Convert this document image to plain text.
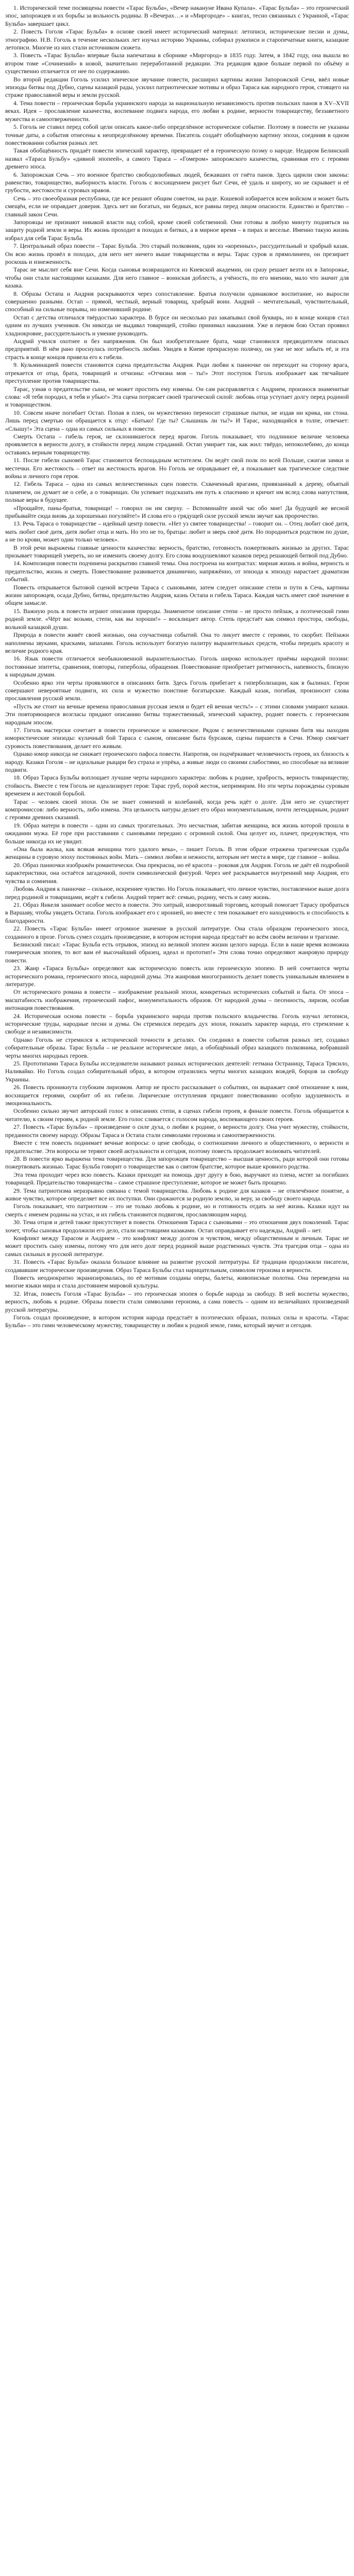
1. Исторической теме посвящены повести «Тарас Бульба», «Вечер накануне Ивана Купала». «Тарас Бульба» – это героический эпос, запорожцев и их борьбы за вольность родины. В «Вечерах…» и «Миргороде» – книгах, тесно связанных с Украиной, «Тарас Бульба» завершает цикл.

2. Повесть Гоголя «Тарас Бульба» в основе своей имеет исторический материал: летописи, исторические песни и думы, этнографию. Н.В. Гоголь в течение нескольких лет изучал историю Украины, собирал рукописи и старопечатные книги, казацкие летописи. Многие из них стали источником сюжета.

3. Повесть «Тарас Бульба» впервые была напечатана в сборнике «Миргород» в 1835 году. Затем, в 1842 году, она вышла во втором томе «Сочинений» в новой, значительно переработанной редакции. Эта редакция вдвое больше первой по объёму и существенно отличается от нее по содержанию.

Во второй редакции Гоголь усилил эпическое звучание повести, расширил картины жизни Запорожской Сечи, ввёл новые эпизоды битвы под Дубно, сцены казацкой рады, усилил патриотические мотивы и образ Тараса как народного героя, стоящего на страже православной веры и земли русской.

4. Тема повести – героическая борьба украинского народа за национальную независимость против польских панов в XV–XVII веках. Идея – прославление казачества, воспевание подвига народа, его любви к родине, верности товариществу, беззаветного мужества и самоотверженности.

5. Гоголь не ставил перед собой цели описать какое-либо определённое историческое событие. Поэтому в повести не указаны точные даты, а события отнесены к неопределённому времени. Писатель создаёт обобщённую картину эпохи, соединяя в одном повествовании события разных лет.

Такая обобщённость придаёт повести эпический характер, превращает её в героическую поэму о народе. Недаром Белинский назвал «Тараса Бульбу» «дивной эпопеей», а самого Тараса – «Гомером» запорожского казачества, сравнивая его с героями древнего эпоса.

6. Запорожская Сечь – это военное братство свободолюбивых людей, бежавших от гнёта панов. Здесь царили свои законы: равенство, товарищество, выборность власти. Гоголь с восхищением рисует быт Сечи, её удаль и широту, но не скрывает и её грубости, жестокости и суровых нравов.

Сечь – это своеобразная республика, где все решают общим советом, на раде. Кошевой избирается всем войском и может быть смещён, если не оправдает доверия. Здесь нет ни богатых, ни бедных, все равны перед лицом опасности. Единство и братство – главный закон Сечи.

Запорожцы не признают никакой власти над собой, кроме своей собственной. Они готовы в любую минуту подняться на защиту родной земли и веры. Их жизнь проходит в походах и битвах, а в мирное время – в пирах и веселье. Именно такую жизнь избрал для себя Тарас Бульба.

7. Центральный образ повести – Тарас Бульба. Это старый полковник, один из «коренных», рассудительный и храбрый казак. Он всю жизнь провёл в походах, для него нет ничего выше товарищества и веры. Тарас суров и прямолинеен, он презирает роскошь и изнеженность.

Тарас не мыслит себя вне Сечи. Когда сыновья возвращаются из Киевской академии, он сразу решает везти их в Запорожье, чтобы они стали настоящими казаками. Для него главное – воинская доблесть, а учёность, по его мнению, мало что значит для казака.

8. Образы Остапа и Андрия раскрываются через сопоставление. Братья получили одинаковое воспитание, но выросли совершенно разными. Остап – прямой, честный, верный товарищ, храбрый воин. Андрий – мечтательный, чувствительный, способный на сильные порывы, но изменивший родине.

Остап с детства отличался твёрдостью характера. В бурсе он несколько раз закапывал свой букварь, но в конце концов стал одним из лучших учеников. Он никогда не выдавал товарищей, стойко принимал наказания. Уже в первом бою Остап проявил хладнокровие, рассудительность и умение руководить.

Андрий учился охотнее и без напряжения. Он был изобретательнее брата, чаще становился предводителем опасных предприятий. В нём рано проснулась потребность любви. Увидев в Киеве прекрасную полячку, он уже не мог забыть её, и эта страсть в конце концов привела его к гибели.

9. Кульминацией повести становится сцена предательства Андрия. Ради любви к панночке он переходит на сторону врага, отрекается от отца, брата, товарищей и отчизны: «Отчизна моя – ты!» Этот поступок Гоголь изображает как тягчайшее преступление против товарищества.

Тарас, узнав о предательстве сына, не может простить ему измены. Он сам расправляется с Андрием, произнося знаменитые слова: «Я тебя породил, я тебя и убью!» Эта сцена потрясает своей трагической силой: любовь отца уступает долгу перед родиной и товариществом.

10. Совсем иначе погибает Остап. Попав в плен, он мужественно переносит страшные пытки, не издав ни крика, ни стона. Лишь перед смертью он обращается к отцу: «Батько! Где ты? Слышишь ли ты?» И Тарас, находящийся в толпе, отвечает: «Слышу!» Эта сцена – одна из самых сильных в повести.

Смерть Остапа – гибель героя, не склонившегося перед врагом. Гоголь показывает, что подлинное величие человека проявляется в верности долгу, в стойкости перед лицом страданий. Остап умирает так, как жил: твёрдо, непоколебимо, до конца оставаясь верным товариществу.

11. После гибели сыновей Тарас становится беспощадным мстителем. Он ведёт свой полк по всей Польше, сжигая замки и местечки. Его жестокость – ответ на жестокость врагов. Но Гоголь не оправдывает её, а показывает как трагическое следствие войны и личного горя героя.

12. Гибель Тараса – одна из самых величественных сцен повести. Схваченный врагами, привязанный к дереву, объятый пламенем, он думает не о себе, а о товарищах. Он успевает подсказать им путь к спасению и кричит им вслед слова напутствия, полные веры в будущее.

«Прощайте, паны-братья, товарищи! – говорил он им сверху. – Вспоминайте иной час обо мне! Да будущей же весной прибывайте сюда вновь да хорошенько погуляйте!» И слова его о грядущей силе русской земли звучат как пророчество.

13. Речь Тараса о товариществе – идейный центр повести. «Нет уз святее товарищества! – говорит он. – Отец любит своё дитя, мать любит своё дитя, дитя любит отца и мать. Но это не то, братцы: любит и зверь своё дитя. Но породниться родством по душе, а не по крови, может один только человек».

В этой речи выражены главные ценности казачества: верность, братство, готовность пожертвовать жизнью за других. Тарас призывает товарищей умереть, но не изменить своему долгу. Его слова воодушевляют казаков перед решающей битвой под Дубно.

14. Композиция повести подчинена раскрытию главной темы. Она построена на контрастах: мирная жизнь и война, верность и предательство, жизнь и смерть. Повествование развивается динамично, напряжённо, от эпизода к эпизоду нарастает драматизм событий.

Повесть открывается бытовой сценой встречи Тараса с сыновьями, затем следует описание степи и пути в Сечь, картины жизни запорожцев, осада Дубно, битвы, предательство Андрия, казнь Остапа и гибель Тараса. Каждая часть имеет своё значение в общем замысле.

15. Важную роль в повести играют описания природы. Знаменитое описание степи – не просто пейзаж, а поэтический гимн родной земле. «Чёрт вас возьми, степи, как вы хороши!» – восклицает автор. Степь предстаёт как символ простора, свободы, вольной казацкой души.

Природа в повести живёт своей жизнью, она соучастница событий. Она то ликует вместе с героями, то скорбит. Пейзажи наполнены звуками, красками, запахами. Гоголь использует богатую палитру выразительных средств, чтобы передать красоту и величие родного края.

16. Язык повести отличается необыкновенной выразительностью. Гоголь широко использует приёмы народной поэзии: постоянные эпитеты, сравнения, повторы, гиперболы, обращения. Повествование приобретает ритмичность, напевность, близкую к народным думам.

Особенно ярко эти черты проявляются в описаниях битв. Здесь Гоголь прибегает к гиперболизации, как в былинах. Герои совершают невероятные подвиги, их сила и мужество поистине богатырские. Каждый казак, погибая, произносит слова прославления русской земли.

«Пусть же стоит на вечные времена православная русская земля и будет ей вечная честь!» – с этими словами умирают казаки. Эти повторяющиеся возгласы придают описанию битвы торжественный, эпический характер, роднят повесть с героическим народным эпосом.

17. Гоголь мастерски сочетает в повести героическое и комическое. Рядом с величественными сценами битв мы находим юмористические эпизоды: кулачный бой Тараса с сыном, описание быта бурсаков, сцены пиршеств в Сечи. Юмор смягчает суровость повествования, делает его живым.

Однако юмор никогда не снижает героического пафоса повести. Напротив, он подчёркивает человечность героев, их близость к народу. Казаки Гоголя – не идеальные рыцари без страха и упрёка, а живые люди со своими слабостями, но способные на великие подвиги.

18. Образ Тараса Бульбы воплощает лучшие черты народного характера: любовь к родине, храбрость, верность товариществу, стойкость. Вместе с тем Гоголь не идеализирует героя: Тарас груб, порой жесток, непримирим. Но эти черты порождены суровым временем и жестокой борьбой.

Тарас – человек своей эпохи. Он не знает сомнений и колебаний, когда речь идёт о долге. Для него не существует компромиссов: либо верность, либо измена. Эта цельность натуры делает его образ монументальным, почти легендарным, роднит с героями древних сказаний.

19. Образ матери в повести – один из самых трогательных. Это несчастная, забитая женщина, вся жизнь которой прошла в ожидании мужа. Её горе при расставании с сыновьями передано с огромной силой. Она целует их, плачет, предчувствуя, что больше никогда их не увидит.

«Она была жалка, как всякая женщина того удалого века», – пишет Гоголь. В этом образе отражена трагическая судьба женщины в суровую эпоху постоянных войн. Мать – символ любви и нежности, которым нет места в мире, где главное – война.

20. Образ панночки изображён романтически. Она прекрасна, но её красота – роковая для Андрия. Гоголь не даёт ей подробной характеристики, она остаётся загадочной, почти символической фигурой. Через неё раскрывается внутренний мир Андрия, его чувства и сомнения.

Любовь Андрия к панночке – сильное, искреннее чувство. Но Гоголь показывает, что личное чувство, поставленное выше долга перед родиной и товарищами, ведёт к гибели. Андрий теряет всё: семью, родину, честь и саму жизнь.

21. Образ Янкеля занимает особое место в повести. Это хитрый, изворотливый торговец, который помогает Тарасу пробраться в Варшаву, чтобы увидеть Остапа. Гоголь изображает его с иронией, но вместе с тем показывает его находчивость и способность к благодарности.

22. Повесть «Тарас Бульба» имеет огромное значение в русской литературе. Она стала образцом героического эпоса, созданного в прозе. Гоголь сумел создать произведение, в котором история народа предстаёт во всём своём величии и трагизме.

Белинский писал: «Тарас Бульба есть отрывок, эпизод из великой эпопеи жизни целого народа. Если в наше время возможна гомерическая эпопея, то вот вам её высочайший образец, идеал и прототип!» Эти слова точно определяют жанровую природу повести.

23. Жанр «Тараса Бульбы» определяют как историческую повесть или героическую эпопею. В ней сочетаются черты исторического романа, героического эпоса, народной думы. Эта жанровая многогранность делает повесть уникальным явлением в литературе.

От исторического романа в повести – изображение реальной эпохи, конкретных исторических событий и быта. От эпоса – масштабность изображения, героический пафос, монументальность образов. От народной думы – песенность, лиризм, особая интонация повествования.

24. Историческая основа повести – борьба украинского народа против польского владычества. Гоголь изучал летописи, исторические труды, народные песни и думы. Он стремился передать дух эпохи, показать характер народа, его стремление к свободе и независимости.

Однако Гоголь не стремился к исторической точности в деталях. Он соединял в повести события разных лет, создавал собирательные образы. Тарас Бульба – не реальное историческое лицо, а обобщённый образ казацкого полковника, вобравший черты многих народных героев.

25. Прототипами Тараса Бульбы исследователи называют разных исторических деятелей: гетмана Остраницу, Тараса Трясило, Наливайко. Но Гоголь создал собирательный образ, в котором отразились черты многих казацких вождей, борцов за свободу Украины.

26. Повесть проникнута глубоким лиризмом. Автор не просто рассказывает о событиях, он выражает своё отношение к ним, восхищается героями, скорбит об их гибели. Лирические отступления придают повествованию особую задушевность и эмоциональность.

Особенно сильно звучит авторский голос в описаниях степи, в сценах гибели героев, в финале повести. Гоголь обращается к читателю, к своим героям, к родной земле. Его голос сливается с голосом народа, воспевающего своих героев.

27. Повесть «Тарас Бульба» – произведение о силе духа, о любви к родине, о верности долгу. Она учит мужеству, стойкости, преданности своему народу. Образы Тараса и Остапа стали символами героизма и самоотверженности.

Вместе с тем повесть поднимает вечные вопросы: о цене свободы, о соотношении личного и общественного, о верности и предательстве. Эти вопросы не теряют своей актуальности и сегодня, поэтому повесть продолжает волновать читателей.

28. В повести ярко выражена тема товарищества. Для запорожцев товарищество – высшая ценность, ради которой они готовы пожертвовать жизнью. Тарас Бульба говорит о товариществе как о святом братстве, которое выше кровного родства.

Эта тема проходит через всю повесть. Казаки приходят на помощь друг другу в бою, выручают из плена, мстят за погибших товарищей. Предательство товарищества – самое страшное преступление, которое не может быть прощено.

29. Тема патриотизма неразрывно связана с темой товарищества. Любовь к родине для казаков – не отвлечённое понятие, а живое чувство, которое определяет все их поступки. Они сражаются за родную землю, за веру, за свободу своего народа.

Гоголь показывает, что патриотизм – это не только любовь к родине, но и готовность отдать за неё жизнь. Казаки идут на смерть с именем родины на устах, и их гибель становится подвигом, прославляющим народ.

30. Тема отцов и детей также присутствует в повести. Отношения Тараса с сыновьями – это отношения двух поколений. Тарас хочет, чтобы сыновья продолжили его дело, стали настоящими казаками. Остап оправдывает его надежды, Андрий – нет.

Конфликт между Тарасом и Андрием – это конфликт между долгом и чувством, между общественным и личным. Тарас не может простить сыну измены, потому что для него долг перед родиной выше родственных чувств. Эта трагедия отца – одна из самых сильных в русской литературе.

31. Повесть «Тарас Бульба» оказала большое влияние на развитие русской литературы. Её традиции продолжили писатели, создававшие исторические произведения. Образ Тараса Бульбы стал нарицательным, символом героизма и верности.

Повесть неоднократно экранизировалась, по её мотивам созданы оперы, балеты, живописные полотна. Она переведена на многие языки мира и стала достоянием мировой культуры.

32. Итак, повесть Гоголя «Тарас Бульба» – это героическая эпопея о борьбе народа за свободу. В ней воспеты мужество, верность, любовь к родине. Образы повести стали символами героизма, а сама повесть – одним из величайших произведений русской литературы.

Гоголь создал произведение, в котором история народа предстаёт в поэтических образах, полных силы и красоты. «Тарас Бульба» – это гимн человеческому мужеству, товариществу и любви к родной земле, гимн, который звучит и сегодня.
